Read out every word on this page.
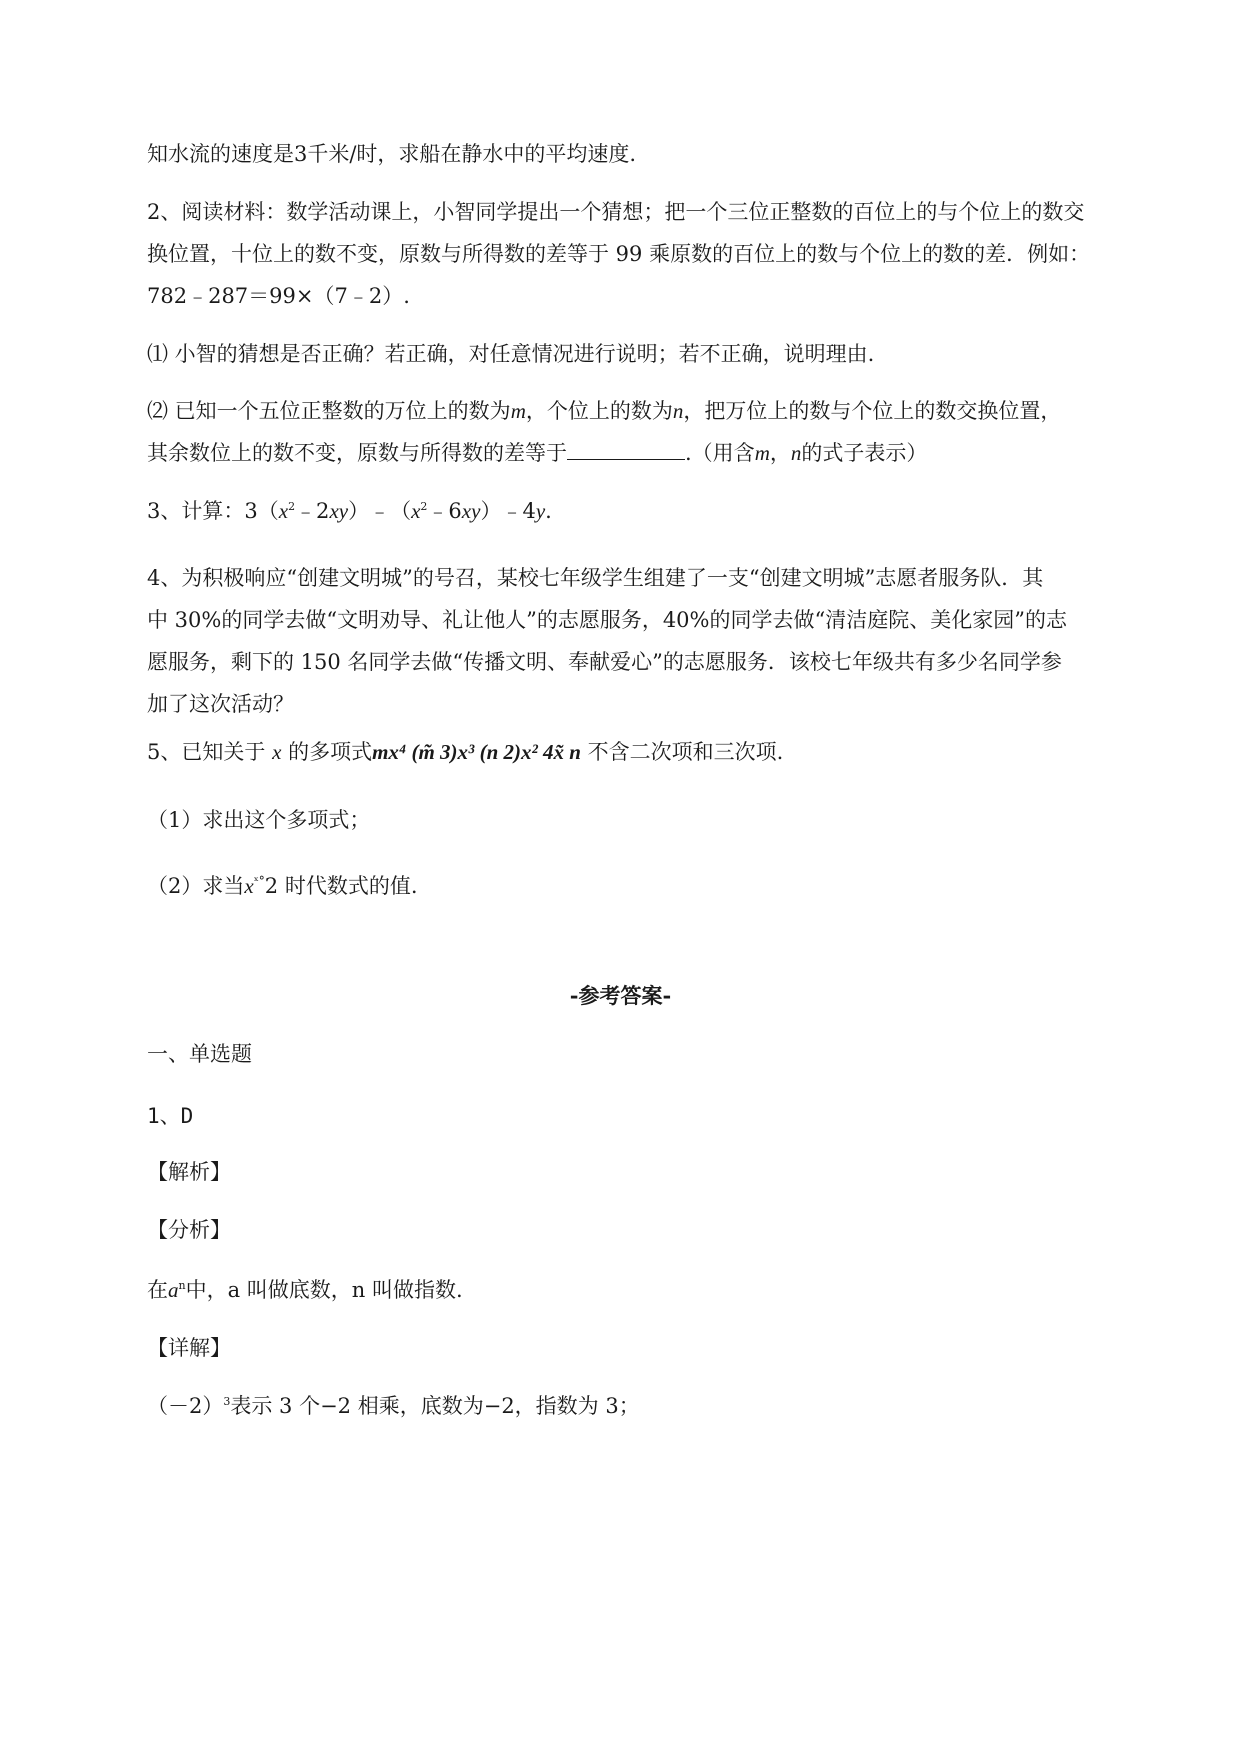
知水流的速度是3千米/时，求船在静水中的平均速度.
2、阅读材料：数学活动课上，小智同学提出一个猜想；把一个三位正整数的百位上的与个位上的数交
换位置，十位上的数不变，原数与所得数的差等于 99 乘原数的百位上的数与个位上的数的差．例如：
782﹣287＝99×（7﹣2）.
⑴ 小智的猜想是否正确？若正确，对任意情况进行说明；若不正确，说明理由.
⑵ 已知一个五位正整数的万位上的数为m，个位上的数为n，把万位上的数与个位上的数交换位置，
其余数位上的数不变，原数与所得数的差等于	.（用含m，n的式子表示）
3、计算：$3(x^2﹣2xy)﹣(x^2﹣6xy)﹣4y$.
4、为积极响应“创建文明城”的号召，某校七年级学生组建了一支“创建文明城”志愿者服务队．其
中 30%的同学去做“文明劝导、礼让他人”的志愿服务，40%的同学去做“清洁庭院、美化家园”的志
愿服务，剩下的 150 名同学去做“传播文明、奉献爱心”的志愿服务．该校七年级共有多少名同学参
加了这次活动？
5、已知关于 x 的多项式mx⁴ (m̃ 3)x³ (n 2)x² 4x̃ n 不含二次项和三次项.
（1）求出这个多项式；
（2）求当$x^{ˣ^\circ}2$ 时代数式的值.
-参考答案-
一、单选题
1、D
【解析】
【分析】
在$a^n$中，a 叫做底数，n 叫做指数.
【详解】
$(-2)^3$表示 3 个−2 相乘，底数为−2，指数为 3；
